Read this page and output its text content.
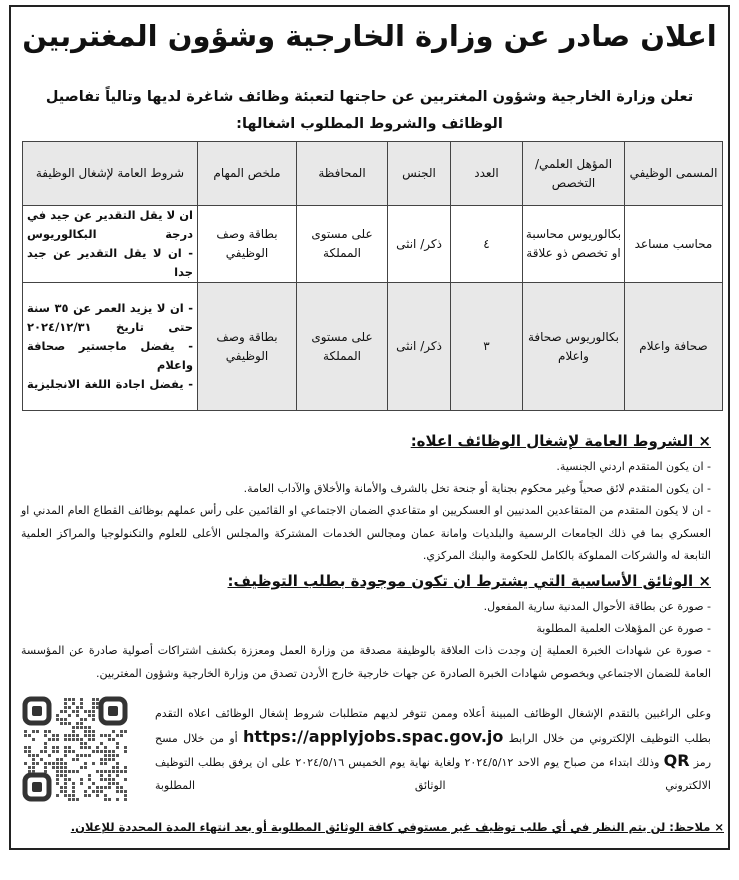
اعلان صادر عن وزارة الخارجية وشؤون المغتربين
تعلن وزارة الخارجية وشؤون المغتربين عن حاجتها لتعبئة وظائف شاغرة لديها وتالياً تفاصيل الوظائف والشروط المطلوب اشغالها:
المسمى الوظيفي	المؤهل العلمي/ التخصص	العدد	الجنس	المحافظة	ملخص المهام	شروط العامة لإشغال الوظيفة
محاسب مساعد	بكالوريوس محاسبة او تخصص ذو علاقة	٤	ذكر/ انثى	على مستوى المملكة	بطاقة وصف الوظيفي	ان لا يقل التقدير عن جيد في درجة البكالوريوس
- ان لا يقل التقدير عن جيد جدا

صحافة واعلام	بكالوريوس صحافة واعلام	٣	ذكر/ انثى	على مستوى المملكة	بطاقة وصف الوظيفي	- ان لا يزيد العمر عن ٣٥ سنة حتى تاريخ ٢٠٢٤/١٢/٣١
- يفضل ماجستير صحافة واعلام
- يفضل اجادة اللغة الانجليزية
× الشروط العامة لإشغال الوظائف اعلاه:

- ان يكون المتقدم اردني الجنسية.

- ان يكون المتقدم لائق صحياً وغير محكوم بجناية أو جنحة تخل بالشرف والأمانة والأخلاق والآداب العامة.

- ان لا يكون المتقدم من المتقاعدين المدنيين او العسكريين او متقاعدي الضمان الاجتماعي او القائمين على رأس عملهم بوظائف القطاع العام المدني او العسكري بما في ذلك الجامعات الرسمية والبلديات وامانة عمان ومجالس الخدمات المشتركة والمجلس الأعلى للعلوم والتكنولوجيا والمراكز العلمية التابعة له والشركات المملوكة بالكامل للحكومة والبنك المركزي.

× الوثائق الأساسية التي يشترط ان تكون موجودة بطلب التوظيف:

- صورة عن بطاقة الأحوال المدنية سارية المفعول.

- صورة عن المؤهلات العلمية المطلوبة

- صورة عن شهادات الخبرة العملية إن وجدت ذات العلاقة بالوظيفة مصدقة من وزارة العمل ومعززة بكشف اشتراكات أصولية صادرة عن المؤسسة العامة للضمان الاجتماعي وبخصوص شهادات الخبرة الصادرة عن جهات خارجية خارج الأردن تصدق من وزارة الخارجية وشؤون المغتربين.

وعلى الراغبين بالتقدم الإشغال الوظائف المبينة أعلاه وممن تتوفر لديهم متطلبات شروط إشغال الوظائف اعلاه التقدم بطلب التوظيف الإلكتروني من خلال الرابط https://applyjobs.spac.gov.jo أو من خلال مسح رمز QR وذلك ابتداء من صباح يوم الاحد ٢٠٢٤/٥/١٢ ولغاية نهاية يوم الخميس ٢٠٢٤/٥/١٦ على ان يرفق بطلب التوظيف الالكتروني الوثائق المطلوبة
× ملاحظ: لن يتم النظر في أي طلب توظيف غير مستوفي كافة الوثائق المطلوبة أو بعد انتهاء المدة المحددة للإعلان.
